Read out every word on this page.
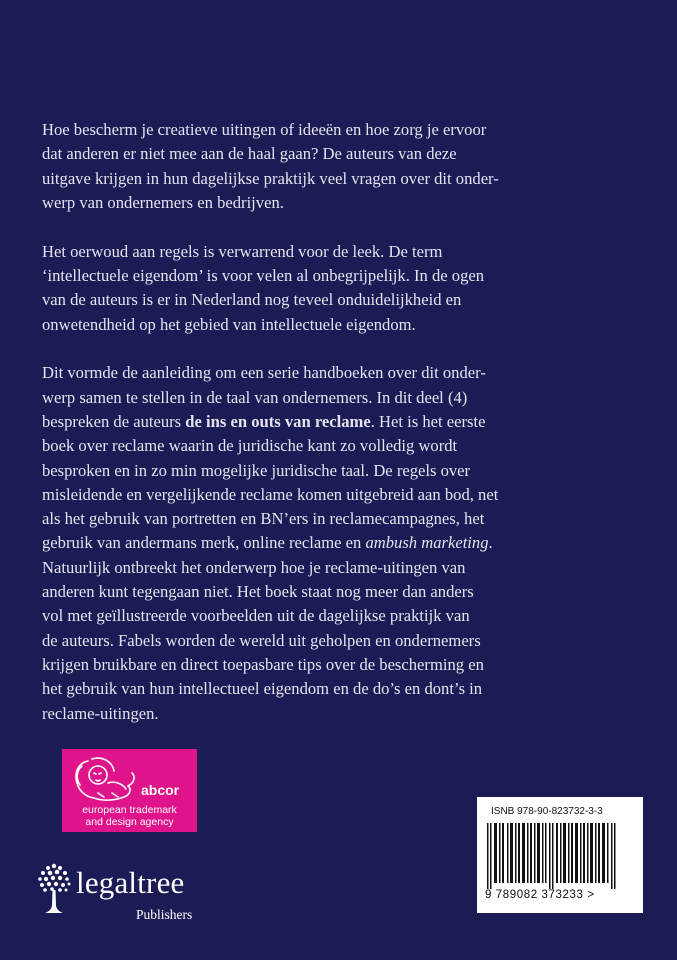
Hoe bescherm je creatieve uitingen of ideeën en hoe zorg je ervoor
dat anderen er niet mee aan de haal gaan? De auteurs van deze
uitgave krijgen in hun dagelijkse praktijk veel vragen over dit onder-
werp van ondernemers en bedrijven.

Het oerwoud aan regels is verwarrend voor de leek. De term
‘intellectuele eigendom’ is voor velen al onbegrijpelijk. In de ogen
van de auteurs is er in Nederland nog teveel onduidelijkheid en
onwetendheid op het gebied van intellectuele eigendom.

Dit vormde de aanleiding om een serie handboeken over dit onder-
werp samen te stellen in de taal van ondernemers. In dit deel (4)
bespreken de auteurs de ins en outs van reclame. Het is het eerste
boek over reclame waarin de juridische kant zo volledig wordt
besproken en in zo min mogelijke juridische taal. De regels over
misleidende en vergelijkende reclame komen uitgebreid aan bod, net
als het gebruik van portretten en BN’ers in reclamecampagnes, het
gebruik van andermans merk, online reclame en ambush marketing.
Natuurlijk ontbreekt het onderwerp hoe je reclame-uitingen van
anderen kunt tegengaan niet. Het boek staat nog meer dan anders
vol met geïllustreerde voorbeelden uit de dagelijkse praktijk van
de auteurs. Fabels worden de wereld uit geholpen en ondernemers
krijgen bruikbare en direct toepasbare tips over de bescherming en
het gebruik van hun intellectueel eigendom en de do’s en dont’s in
reclame-uitingen.

abcor
european trademark
and design agency
legaltree
Publishers
ISNB 978-90-823732-3-3
9 789082 373233 >
